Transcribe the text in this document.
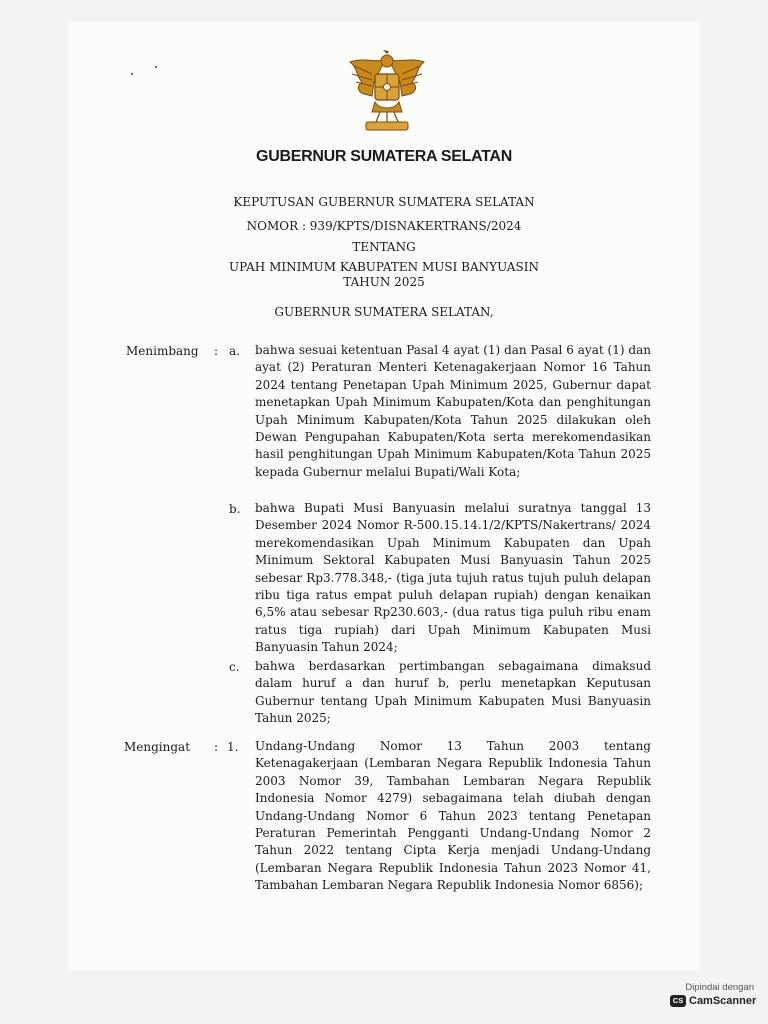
GUBERNUR SUMATERA SELATAN
KEPUTUSAN GUBERNUR SUMATERA SELATAN
NOMOR : 939/KPTS/DISNAKERTRANS/2024
TENTANG
UPAH MINIMUM KABUPATEN MUSI BANYUASIN
TAHUN 2025
GUBERNUR SUMATERA SELATAN,
Menimbang : a. bahwa sesuai ketentuan Pasal 4 ayat (1) dan Pasal 6 ayat (1) dan ayat (2) Peraturan Menteri Ketenagakerjaan Nomor 16 Tahun 2024 tentang Penetapan Upah Minimum 2025, Gubernur dapat menetapkan Upah Minimum Kabupaten/Kota dan penghitungan Upah Minimum Kabupaten/Kota Tahun 2025 dilakukan oleh Dewan Pengupahan Kabupaten/Kota serta merekomendasikan hasil penghitungan Upah Minimum Kabupaten/Kota Tahun 2025 kepada Gubernur melalui Bupati/Wali Kota;
b. bahwa Bupati Musi Banyuasin melalui suratnya tanggal 13 Desember 2024 Nomor R-500.15.14.1/2/KPTS/Nakertrans/ 2024 merekomendasikan Upah Minimum Kabupaten dan Upah Minimum Sektoral Kabupaten Musi Banyuasin Tahun 2025 sebesar Rp3.778.348,- (tiga juta tujuh ratus tujuh puluh delapan ribu tiga ratus empat puluh delapan rupiah) dengan kenaikan 6,5% atau sebesar Rp230.603,- (dua ratus tiga puluh ribu enam ratus tiga rupiah) dari Upah Minimum Kabupaten Musi Banyuasin Tahun 2024;
c. bahwa berdasarkan pertimbangan sebagaimana dimaksud dalam huruf a dan huruf b, perlu menetapkan Keputusan Gubernur tentang Upah Minimum Kabupaten Musi Banyuasin Tahun 2025;
Mengingat : 1. Undang-Undang Nomor 13 Tahun 2003 tentang Ketenagakerjaan (Lembaran Negara Republik Indonesia Tahun 2003 Nomor 39, Tambahan Lembaran Negara Republik Indonesia Nomor 4279) sebagaimana telah diubah dengan Undang-Undang Nomor 6 Tahun 2023 tentang Penetapan Peraturan Pemerintah Pengganti Undang-Undang Nomor 2 Tahun 2022 tentang Cipta Kerja menjadi Undang-Undang (Lembaran Negara Republik Indonesia Tahun 2023 Nomor 41, Tambahan Lembaran Negara Republik Indonesia Nomor 6856);
Dipindai dengan
CS CamScanner
